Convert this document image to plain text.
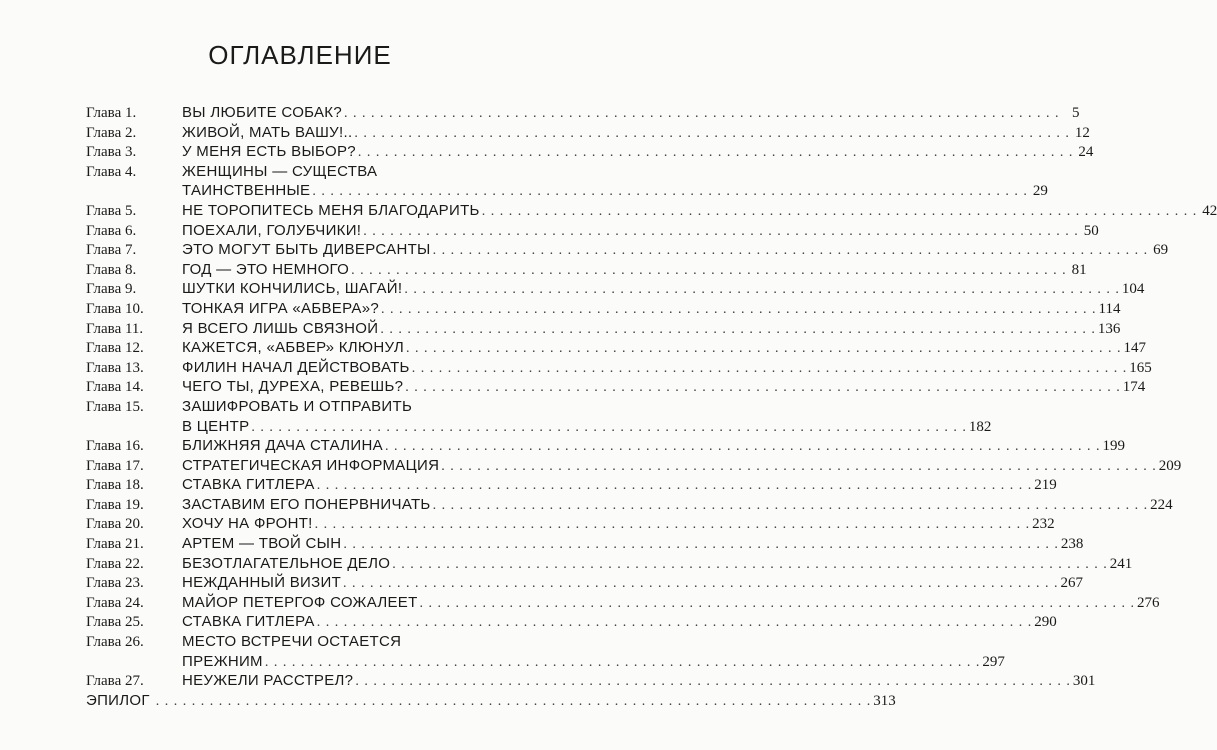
ОГЛАВЛЕНИЕ
Глава 1.	ВЫ ЛЮБИТЕ СОБАК? . . .	5
Глава 2.	ЖИВОЙ, МАТЬ ВАШУ!.. . . .	12
Глава 3.	У МЕНЯ ЕСТЬ ВЫБОР? . . .	24
Глава 4.	ЖЕНЩИНЫ — СУЩЕСТВА
ТАИНСТВЕННЫЕ . . .	29
Глава 5.	НЕ ТОРОПИТЕСЬ МЕНЯ БЛАГОДАРИТЬ . . .	42
Глава 6.	ПОЕХАЛИ, ГОЛУБЧИКИ! . . .	50
Глава 7.	ЭТО МОГУТ БЫТЬ ДИВЕРСАНТЫ . . .	69
Глава 8.	ГОД — ЭТО НЕМНОГО . . .	81
Глава 9.	ШУТКИ КОНЧИЛИСЬ, ШАГАЙ! . . .	104
Глава 10.	ТОНКАЯ ИГРА «АБВЕРА»? . . .	114
Глава 11.	Я ВСЕГО ЛИШЬ СВЯЗНОЙ . . .	136
Глава 12.	КАЖЕТСЯ, «АБВЕР» КЛЮНУЛ . . .	147
Глава 13.	ФИЛИН НАЧАЛ ДЕЙСТВОВАТЬ . . .	165
Глава 14.	ЧЕГО ТЫ, ДУРЕХА, РЕВЕШЬ? . . .	174
Глава 15.	ЗАШИФРОВАТЬ И ОТПРАВИТЬ
В ЦЕНТР . . .	182
Глава 16.	БЛИЖНЯЯ ДАЧА СТАЛИНА . . .	199
Глава 17.	СТРАТЕГИЧЕСКАЯ ИНФОРМАЦИЯ . . .	209
Глава 18.	СТАВКА ГИТЛЕРА . . .	219
Глава 19.	ЗАСТАВИМ ЕГО ПОНЕРВНИЧАТЬ . . .	224
Глава 20.	ХОЧУ НА ФРОНТ! . . .	232
Глава 21.	АРТЕМ — ТВОЙ СЫН . . .	238
Глава 22.	БЕЗОТЛАГАТЕЛЬНОЕ ДЕЛО . . .	241
Глава 23.	НЕЖДАННЫЙ ВИЗИТ . . .	267
Глава 24.	МАЙОР ПЕТЕРГОФ СОЖАЛЕЕТ . . .	276
Глава 25.	СТАВКА ГИТЛЕРА . . .	290
Глава 26.	МЕСТО ВСТРЕЧИ ОСТАЕТСЯ
ПРЕЖНИМ . . .	297
Глава 27.	НЕУЖЕЛИ РАССТРЕЛ? . . .	301
ЭПИЛОГ . . .	313
